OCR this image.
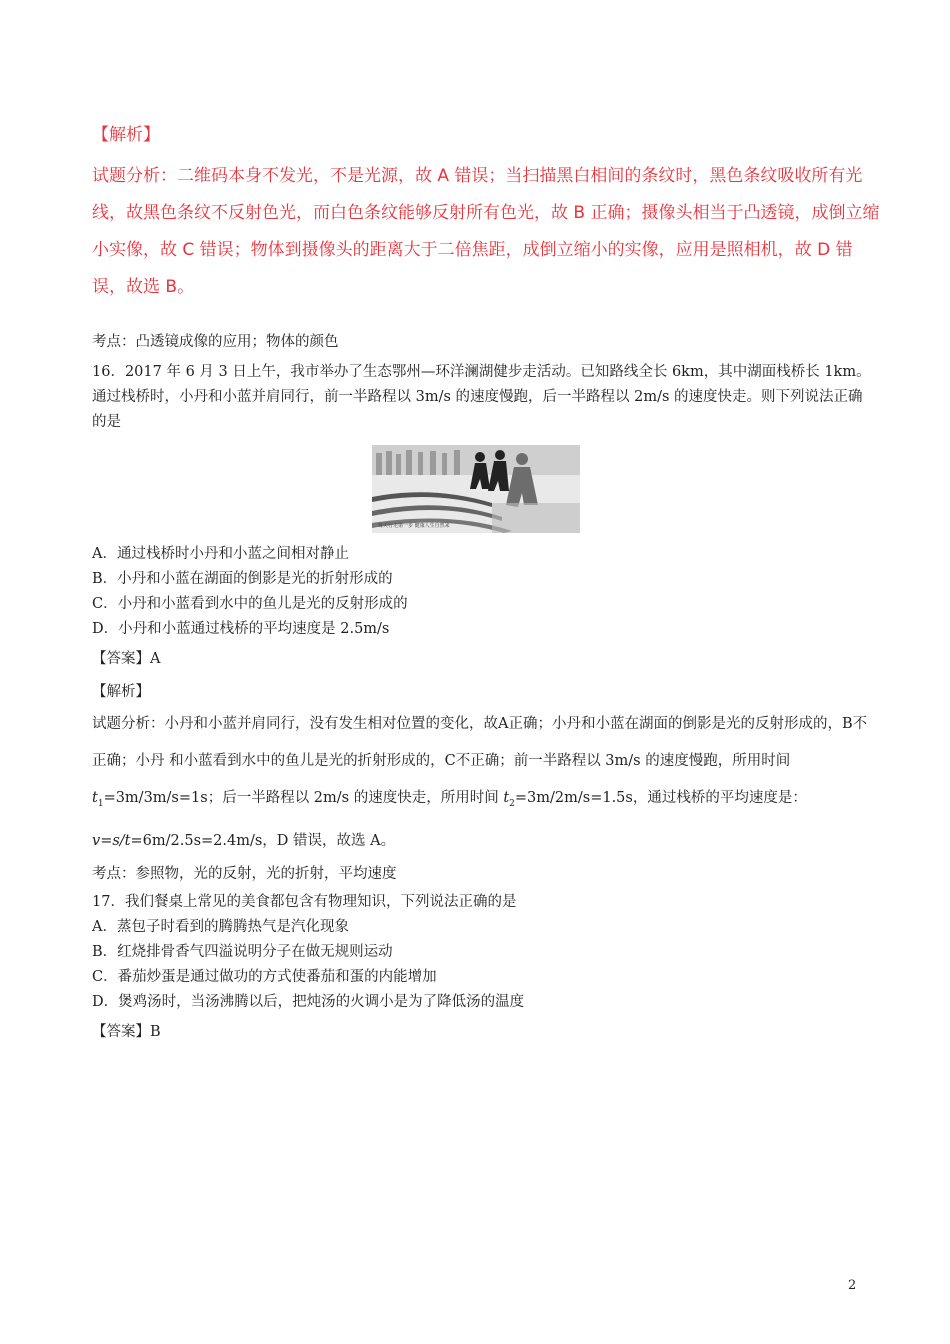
【解析】
试题分析：二维码本身不发光，不是光源，故 A 错误；当扫描黑白相间的条纹时，黑色条纹吸收所有光线，故黑色条纹不反射色光，而白色条纹能够反射所有色光，故 B 正确；摄像头相当于凸透镜，成倒立缩小实像，故 C 错误；物体到摄像头的距离大于二倍焦距，成倒立缩小的实像，应用是照相机，故 D 错误，故选 B。
考点：凸透镜成像的应用；物体的颜色
16．2017 年 6 月 3 日上午，我市举办了生态鄂州—环洋澜湖健步走活动。已知路线全长 6km，其中湖面栈桥长 1km。通过栈桥时，小丹和小蓝并肩同行，前一半路程以 3m/s 的速度慢跑，后一半路程以 2m/s 的速度快走。则下列说法正确的是
每天行走第一步 健康人生自然来
A．通过栈桥时小丹和小蓝之间相对静止
B．小丹和小蓝在湖面的倒影是光的折射形成的
C．小丹和小蓝看到水中的鱼儿是光的反射形成的
D．小丹和小蓝通过栈桥的平均速度是 2.5m/s
【答案】A
【解析】
试题分析：小丹和小蓝并肩同行，没有发生相对位置的变化，故A正确；小丹和小蓝在湖面的倒影是光的反射形成的，B不正确；小丹 和小蓝看到水中的鱼儿是光的折射形成的，C不正确；前一半路程以 3m/s 的速度慢跑，所用时间 $t_1=3m/3m/s=1s$；后一半路程以 2m/s 的速度快走，所用时间 $t_2=3m/2m/s=1.5s$，通过栈桥的平均速度是：v=s/t=6m/2.5s=2.4m/s，D 错误，故选 A。
考点：参照物，光的反射，光的折射，平均速度
17．我们餐桌上常见的美食都包含有物理知识，下列说法正确的是
A．蒸包子时看到的腾腾热气是汽化现象
B．红烧排骨香气四溢说明分子在做无规则运动
C．番茄炒蛋是通过做功的方式使番茄和蛋的内能增加
D．煲鸡汤时，当汤沸腾以后，把炖汤的火调小是为了降低汤的温度
【答案】B
2
